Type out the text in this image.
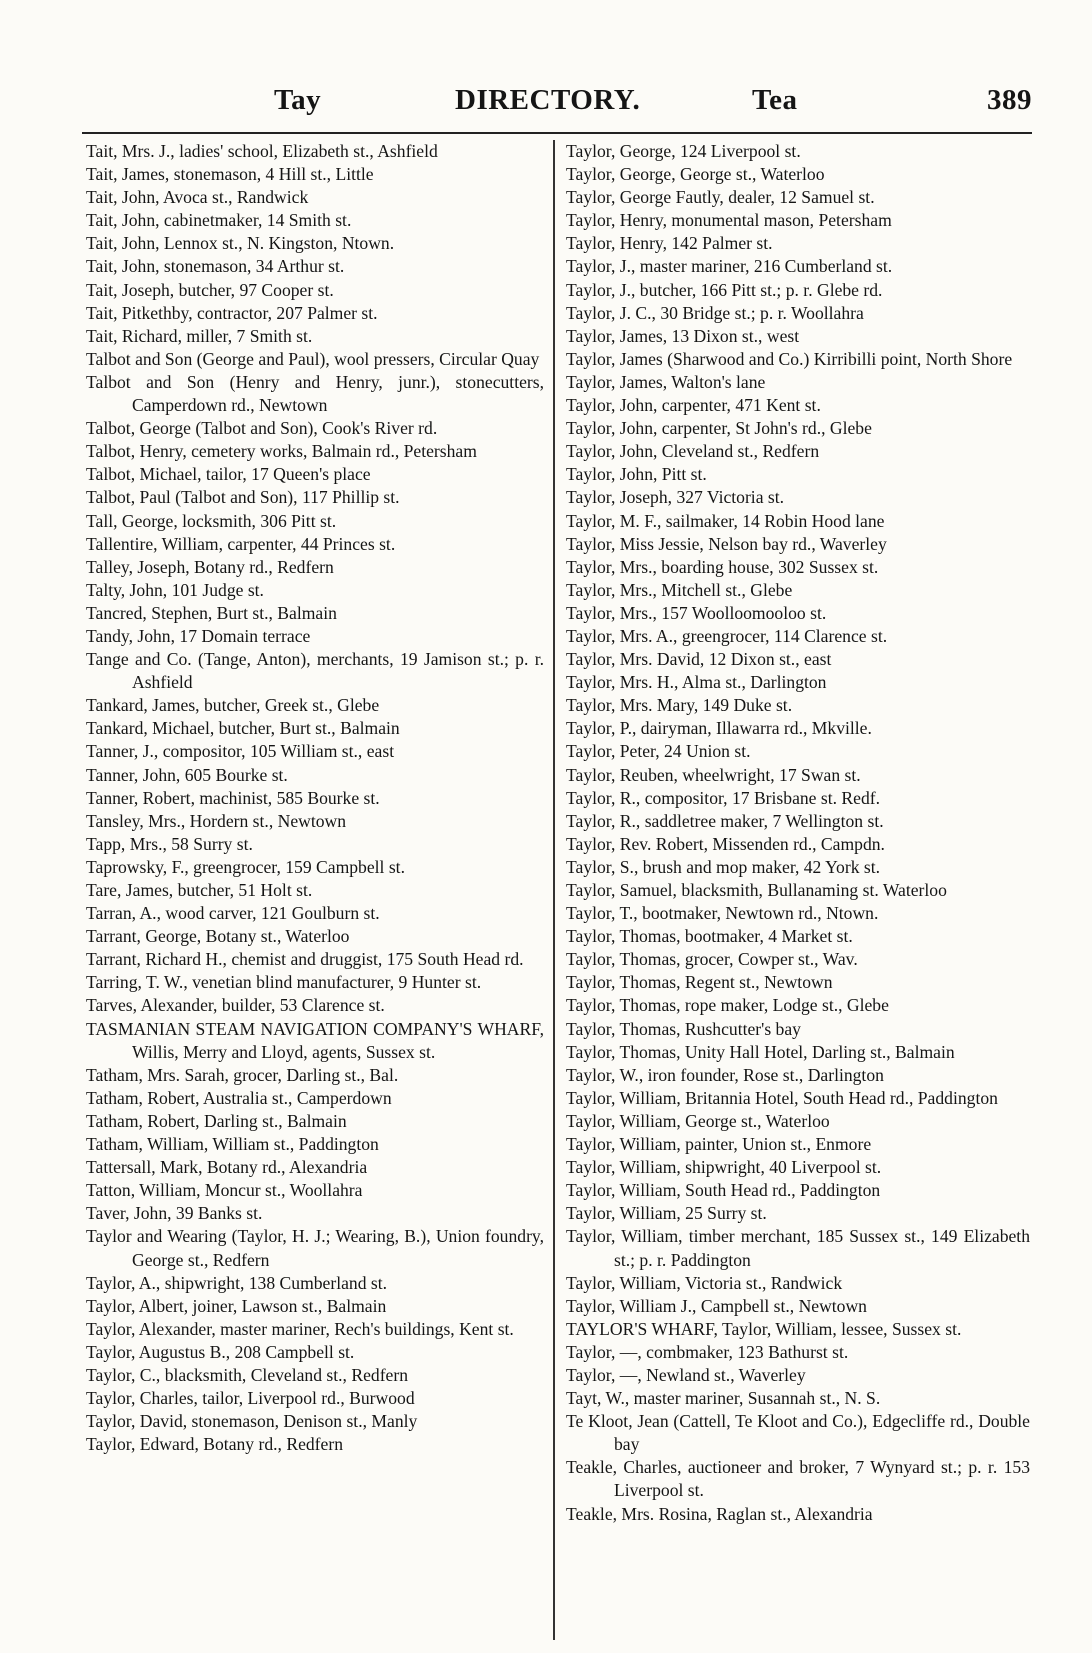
Tay	DIRECTORY.	Tea	389
Tait, Mrs. J., ladies' school, Elizabeth st., Ashfield
Tait, James, stonemason, 4 Hill st., Little
Tait, John, Avoca st., Randwick
Tait, John, cabinetmaker, 14 Smith st.
Tait, John, Lennox st., N. Kingston, Ntown.
Tait, John, stonemason, 34 Arthur st.
Tait, Joseph, butcher, 97 Cooper st.
Tait, Pitkethby, contractor, 207 Palmer st.
Tait, Richard, miller, 7 Smith st.
Talbot and Son (George and Paul), wool pressers, Circular Quay
Talbot and Son (Henry and Henry, junr.), stonecutters, Camperdown rd., Newtown
Talbot, George (Talbot and Son), Cook's River rd.
Talbot, Henry, cemetery works, Balmain rd., Petersham
Talbot, Michael, tailor, 17 Queen's place
Talbot, Paul (Talbot and Son), 117 Phillip st.
Tall, George, locksmith, 306 Pitt st.
Tallentire, William, carpenter, 44 Princes st.
Talley, Joseph, Botany rd., Redfern
Talty, John, 101 Judge st.
Tancred, Stephen, Burt st., Balmain
Tandy, John, 17 Domain terrace
Tange and Co. (Tange, Anton), merchants, 19 Jamison st.; p. r. Ashfield
Tankard, James, butcher, Greek st., Glebe
Tankard, Michael, butcher, Burt st., Balmain
Tanner, J., compositor, 105 William st., east
Tanner, John, 605 Bourke st.
Tanner, Robert, machinist, 585 Bourke st.
Tansley, Mrs., Hordern st., Newtown
Tapp, Mrs., 58 Surry st.
Taprowsky, F., greengrocer, 159 Campbell st.
Tare, James, butcher, 51 Holt st.
Tarran, A., wood carver, 121 Goulburn st.
Tarrant, George, Botany st., Waterloo
Tarrant, Richard H., chemist and druggist, 175 South Head rd.
Tarring, T. W., venetian blind manufacturer, 9 Hunter st.
Tarves, Alexander, builder, 53 Clarence st.
TASMANIAN STEAM NAVIGATION COMPANY'S WHARF, Willis, Merry and Lloyd, agents, Sussex st.
Tatham, Mrs. Sarah, grocer, Darling st., Bal.
Tatham, Robert, Australia st., Camperdown
Tatham, Robert, Darling st., Balmain
Tatham, William, William st., Paddington
Tattersall, Mark, Botany rd., Alexandria
Tatton, William, Moncur st., Woollahra
Taver, John, 39 Banks st.
Taylor and Wearing (Taylor, H. J.; Wearing, B.), Union foundry, George st., Redfern
Taylor, A., shipwright, 138 Cumberland st.
Taylor, Albert, joiner, Lawson st., Balmain
Taylor, Alexander, master mariner, Rech's buildings, Kent st.
Taylor, Augustus B., 208 Campbell st.
Taylor, C., blacksmith, Cleveland st., Redfern
Taylor, Charles, tailor, Liverpool rd., Burwood
Taylor, David, stonemason, Denison st., Manly
Taylor, Edward, Botany rd., Redfern
Taylor, George, 124 Liverpool st.
Taylor, George, George st., Waterloo
Taylor, George Fautly, dealer, 12 Samuel st.
Taylor, Henry, monumental mason, Petersham
Taylor, Henry, 142 Palmer st.
Taylor, J., master mariner, 216 Cumberland st.
Taylor, J., butcher, 166 Pitt st.; p. r. Glebe rd.
Taylor, J. C., 30 Bridge st.; p. r. Woollahra
Taylor, James, 13 Dixon st., west
Taylor, James (Sharwood and Co.) Kirribilli point, North Shore
Taylor, James, Walton's lane
Taylor, John, carpenter, 471 Kent st.
Taylor, John, carpenter, St John's rd., Glebe
Taylor, John, Cleveland st., Redfern
Taylor, John, Pitt st.
Taylor, Joseph, 327 Victoria st.
Taylor, M. F., sailmaker, 14 Robin Hood lane
Taylor, Miss Jessie, Nelson bay rd., Waverley
Taylor, Mrs., boarding house, 302 Sussex st.
Taylor, Mrs., Mitchell st., Glebe
Taylor, Mrs., 157 Woolloomooloo st.
Taylor, Mrs. A., greengrocer, 114 Clarence st.
Taylor, Mrs. David, 12 Dixon st., east
Taylor, Mrs. H., Alma st., Darlington
Taylor, Mrs. Mary, 149 Duke st.
Taylor, P., dairyman, Illawarra rd., Mkville.
Taylor, Peter, 24 Union st.
Taylor, Reuben, wheelwright, 17 Swan st.
Taylor, R., compositor, 17 Brisbane st. Redf.
Taylor, R., saddletree maker, 7 Wellington st.
Taylor, Rev. Robert, Missenden rd., Campdn.
Taylor, S., brush and mop maker, 42 York st.
Taylor, Samuel, blacksmith, Bullanaming st. Waterloo
Taylor, T., bootmaker, Newtown rd., Ntown.
Taylor, Thomas, bootmaker, 4 Market st.
Taylor, Thomas, grocer, Cowper st., Wav.
Taylor, Thomas, Regent st., Newtown
Taylor, Thomas, rope maker, Lodge st., Glebe
Taylor, Thomas, Rushcutter's bay
Taylor, Thomas, Unity Hall Hotel, Darling st., Balmain
Taylor, W., iron founder, Rose st., Darlington
Taylor, William, Britannia Hotel, South Head rd., Paddington
Taylor, William, George st., Waterloo
Taylor, William, painter, Union st., Enmore
Taylor, William, shipwright, 40 Liverpool st.
Taylor, William, South Head rd., Paddington
Taylor, William, 25 Surry st.
Taylor, William, timber merchant, 185 Sussex st., 149 Elizabeth st.; p. r. Paddington
Taylor, William, Victoria st., Randwick
Taylor, William J., Campbell st., Newtown
TAYLOR'S WHARF, Taylor, William, lessee, Sussex st.
Taylor, —, combmaker, 123 Bathurst st.
Taylor, —, Newland st., Waverley
Tayt, W., master mariner, Susannah st., N. S.
Te Kloot, Jean (Cattell, Te Kloot and Co.), Edgecliffe rd., Double bay
Teakle, Charles, auctioneer and broker, 7 Wynyard st.; p. r. 153 Liverpool st.
Teakle, Mrs. Rosina, Raglan st., Alexandria
